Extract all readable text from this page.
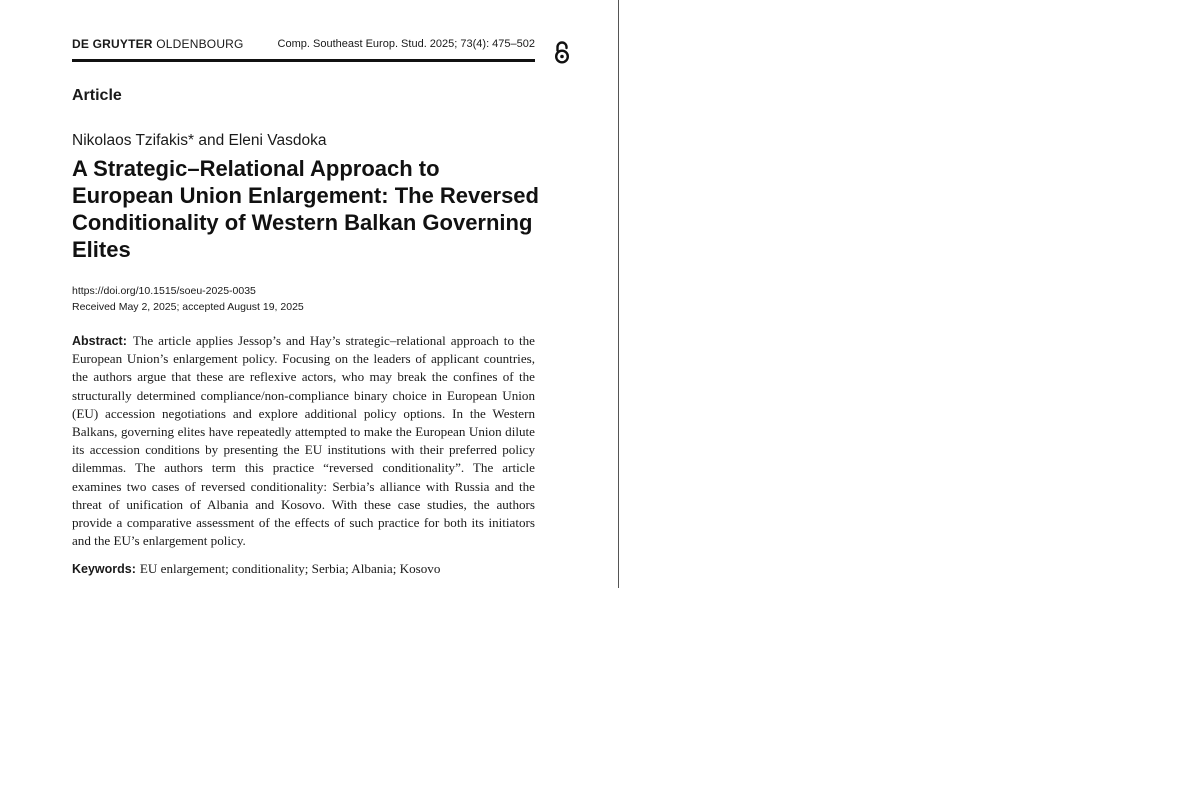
DE GRUYTER OLDENBOURG	Comp. Southeast Europ. Stud. 2025; 73(4): 475–502
Article
Nikolaos Tzifakis* and Eleni Vasdoka
A Strategic–Relational Approach to European Union Enlargement: The Reversed Conditionality of Western Balkan Governing Elites
https://doi.org/10.1515/soeu-2025-0035
Received May 2, 2025; accepted August 19, 2025

Abstract: The article applies Jessop’s and Hay’s strategic–relational approach to the European Union’s enlargement policy. Focusing on the leaders of applicant countries, the authors argue that these are reflexive actors, who may break the confines of the structurally determined compliance/non-compliance binary choice in European Union (EU) accession negotiations and explore additional policy options. In the Western Balkans, governing elites have repeatedly attempted to make the European Union dilute its accession conditions by presenting the EU institutions with their preferred policy dilemmas. The authors term this practice “reversed conditionality”. The article examines two cases of reversed conditionality: Serbia’s alliance with Russia and the threat of unification of Albania and Kosovo. With these case studies, the authors provide a comparative assessment of the effects of such practice for both its initiators and the EU’s enlargement policy.

Keywords: EU enlargement; conditionality; Serbia; Albania; Kosovo
